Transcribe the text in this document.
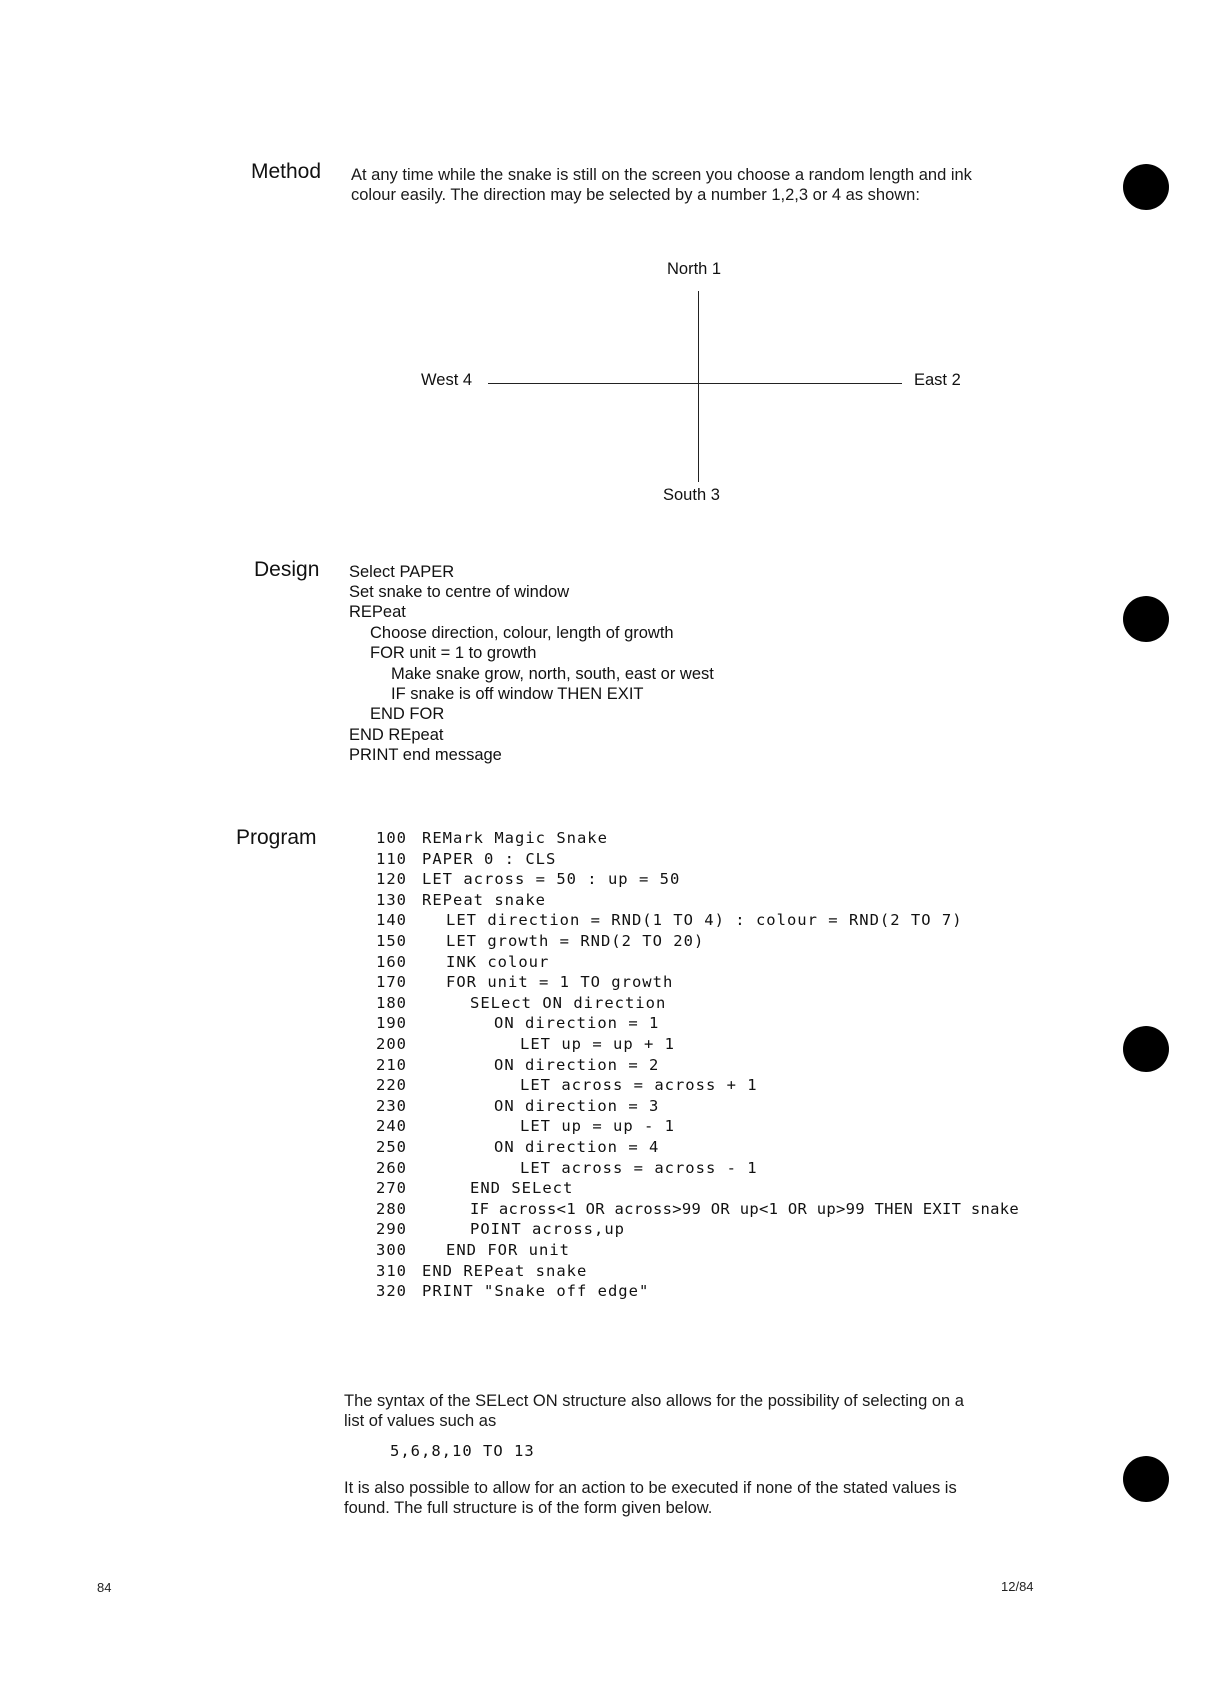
Method At any time while the snake is still on the screen you choose a random length and ink
colour easily. The direction may be selected by a number 1,2,3 or 4 as shown:
North 1
West 4	East 2
South 3
Design Select PAPER
Set snake to centre of window
REPeat
Choose direction, colour, length of growth
FOR unit = 1 to growth
Make snake grow, north, south, east or west
IF snake is off window THEN EXIT
END FOR
END REpeat
PRINT end message
Program

	100 REMark Magic Snake

110 PAPER 0 : CLS

120 LET across = 50 : up = 50

130 REPeat snake

140	LET direction = RND(1 TO 4) : colour = RND(2 TO 7)

150	LET growth = RND(2 TO 20)

160	INK colour

170	FOR unit = 1 TO growth

180	SELect ON direction

190	ON direction = 1

200	LET up = up + 1

210	ON direction = 2

220	LET across = across + 1

230	ON direction = 3

240	LET up = up - 1

250	ON direction = 4

260	LET across = across - 1

270	END SELect

280	IF across<1 OR across>99 OR up<1 OR up>99 THEN EXIT snake

290	POINT across,up

300	END FOR unit

310 END REPeat snake

320 PRINT "Snake off edge"

The syntax of the SELect ON structure also allows for the possibility of selecting on a
list of values such as
5,6,8,10 TO 13
It is also possible to allow for an action to be executed if none of the stated values is
found. The full structure is of the form given below.
84	12/84
